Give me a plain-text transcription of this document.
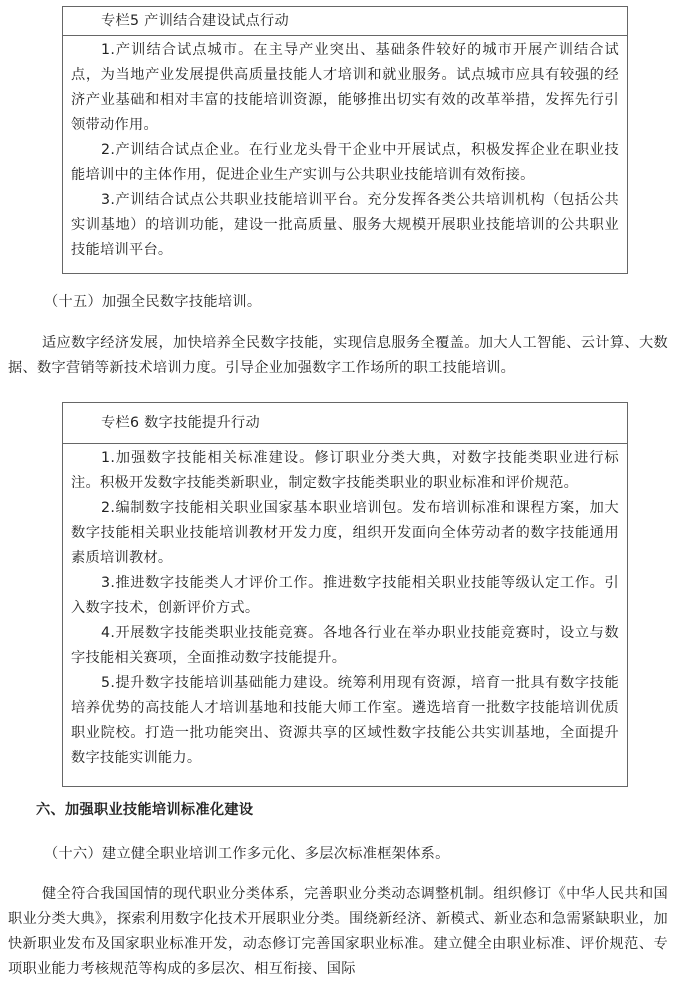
专栏5 产训结合建设试点行动

1.产训结合试点城市。在主导产业突出、基础条件较好的城市开展产训结合试点，为当地产业发展提供高质量技能人才培训和就业服务。试点城市应具有较强的经济产业基础和相对丰富的技能培训资源，能够推出切实有效的改革举措，发挥先行引领带动作用。

2.产训结合试点企业。在行业龙头骨干企业中开展试点，积极发挥企业在职业技能培训中的主体作用，促进企业生产实训与公共职业技能培训有效衔接。

3.产训结合试点公共职业技能培训平台。充分发挥各类公共培训机构（包括公共实训基地）的培训功能，建设一批高质量、服务大规模开展职业技能培训的公共职业技能培训平台。

（十五）加强全民数字技能培训。

适应数字经济发展，加快培养全民数字技能，实现信息服务全覆盖。加大人工智能、云计算、大数据、数字营销等新技术培训力度。引导企业加强数字工作场所的职工技能培训。

专栏6 数字技能提升行动

1.加强数字技能相关标准建设。修订职业分类大典，对数字技能类职业进行标注。积极开发数字技能类新职业，制定数字技能类职业的职业标准和评价规范。

2.编制数字技能相关职业国家基本职业培训包。发布培训标准和课程方案，加大数字技能相关职业技能培训教材开发力度，组织开发面向全体劳动者的数字技能通用素质培训教材。

3.推进数字技能类人才评价工作。推进数字技能相关职业技能等级认定工作。引入数字技术，创新评价方式。

4.开展数字技能类职业技能竞赛。各地各行业在举办职业技能竞赛时，设立与数字技能相关赛项，全面推动数字技能提升。

5.提升数字技能培训基础能力建设。统筹利用现有资源，培育一批具有数字技能培养优势的高技能人才培训基地和技能大师工作室。遴选培育一批数字技能培训优质职业院校。打造一批功能突出、资源共享的区域性数字技能公共实训基地，全面提升数字技能实训能力。

六、加强职业技能培训标准化建设

（十六）建立健全职业培训工作多元化、多层次标准框架体系。

健全符合我国国情的现代职业分类体系，完善职业分类动态调整机制。组织修订《中华人民共和国职业分类大典》，探索利用数字化技术开展职业分类。围绕新经济、新模式、新业态和急需紧缺职业，加快新职业发布及国家职业标准开发，动态修订完善国家职业标准。建立健全由职业标准、评价规范、专项职业能力考核规范等构成的多层次、相互衔接、国际
